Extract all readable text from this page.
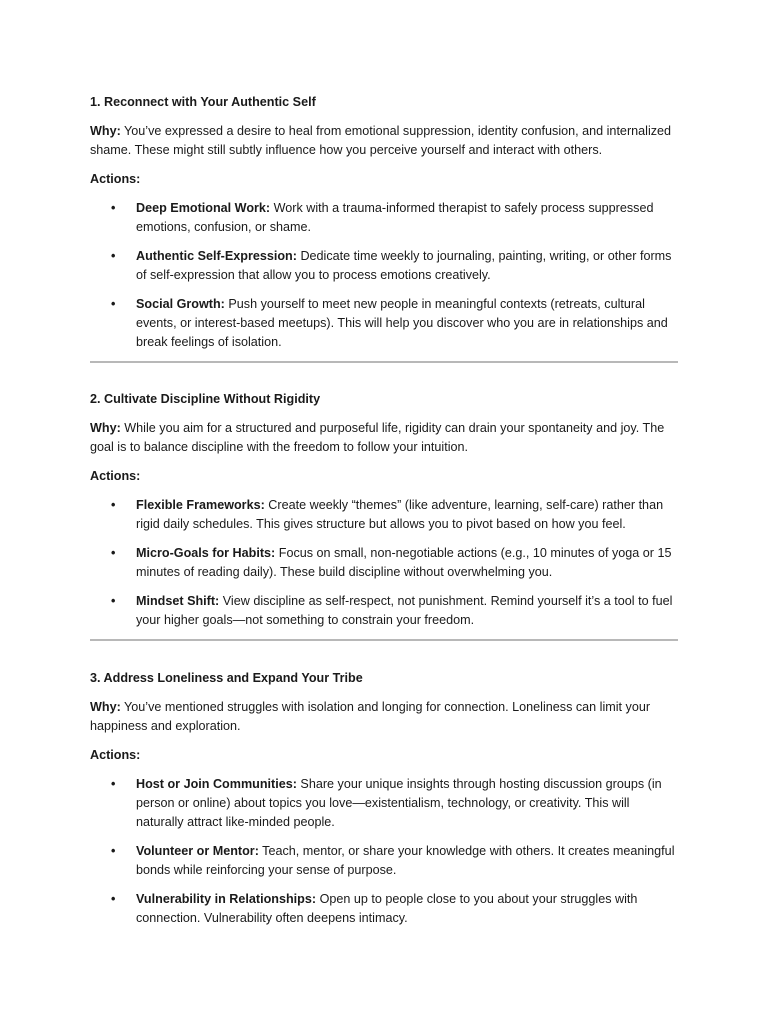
1. Reconnect with Your Authentic Self

Why: You’ve expressed a desire to heal from emotional suppression, identity confusion, and internalized shame. These might still subtly influence how you perceive yourself and interact with others.

Actions:

• Deep Emotional Work: Work with a trauma-informed therapist to safely process suppressed emotions, confusion, or shame.
• Authentic Self-Expression: Dedicate time weekly to journaling, painting, writing, or other forms of self-expression that allow you to process emotions creatively.
• Social Growth: Push yourself to meet new people in meaningful contexts (retreats, cultural events, or interest-based meetups). This will help you discover who you are in relationships and break feelings of isolation.

2. Cultivate Discipline Without Rigidity

Why: While you aim for a structured and purposeful life, rigidity can drain your spontaneity and joy. The goal is to balance discipline with the freedom to follow your intuition.

Actions:

• Flexible Frameworks: Create weekly “themes” (like adventure, learning, self-care) rather than rigid daily schedules. This gives structure but allows you to pivot based on how you feel.
• Micro-Goals for Habits: Focus on small, non-negotiable actions (e.g., 10 minutes of yoga or 15 minutes of reading daily). These build discipline without overwhelming you.
• Mindset Shift: View discipline as self-respect, not punishment. Remind yourself it’s a tool to fuel your higher goals—not something to constrain your freedom.

3. Address Loneliness and Expand Your Tribe

Why: You’ve mentioned struggles with isolation and longing for connection. Loneliness can limit your happiness and exploration.

Actions:

• Host or Join Communities: Share your unique insights through hosting discussion groups (in person or online) about topics you love—existentialism, technology, or creativity. This will naturally attract like-minded people.
• Volunteer or Mentor: Teach, mentor, or share your knowledge with others. It creates meaningful bonds while reinforcing your sense of purpose.
• Vulnerability in Relationships: Open up to people close to you about your struggles with connection. Vulnerability often deepens intimacy.
